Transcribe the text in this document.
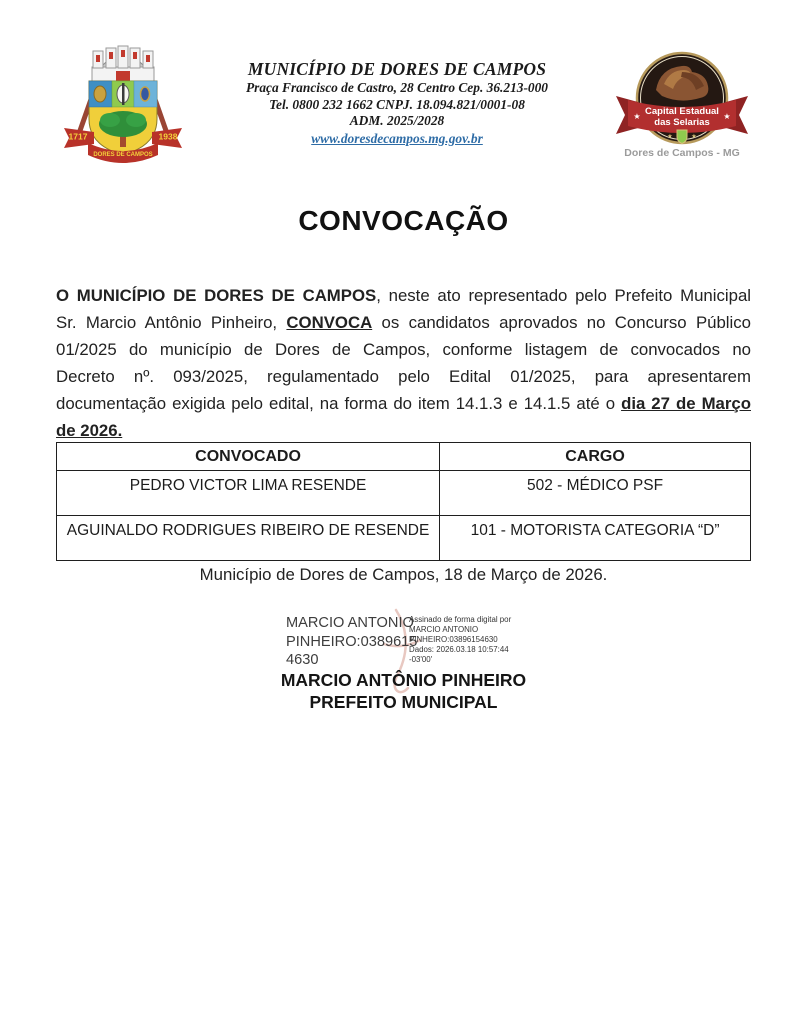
1717	1938
DORES DE CAMPOS
MUNICÍPIO DE DORES DE CAMPOS
Praça Francisco de Castro, 28 Centro Cep. 36.213-000
Tel. 0800 232 1662 CNPJ. 18.094.821/0001-08
ADM. 2025/2028
www.doresdecampos.mg.gov.br
Capital Estadual
das Selarias
★	★
★	★
Dores de Campos - MG
CONVOCAÇÃO
O MUNICÍPIO DE DORES DE CAMPOS, neste ato representado pelo Prefeito Municipal
Sr. Marcio Antônio Pinheiro, CONVOCA os candidatos aprovados no Concurso Público
01/2025 do município de Dores de Campos, conforme listagem de convocados no
Decreto nº. 093/2025, regulamentado pelo Edital 01/2025, para apresentarem
documentação exigida pelo edital, na forma do item 14.1.3 e 14.1.5 até o dia 27 de Março
de 2026.
CONVOCADO	CARGO
PEDRO VICTOR LIMA RESENDE	502 - MÉDICO PSF
AGUINALDO RODRIGUES RIBEIRO DE RESENDE	101 - MOTORISTA CATEGORIA “D”
Município de Dores de Campos, 18 de Março de 2026.
MARCIO ANTONIO
PINHEIRO:0389615
4630
Assinado de forma digital por
MARCIO ANTONIO
PINHEIRO:03896154630
Dados: 2026.03.18 10:57:44
-03'00'
MARCIO ANTÔNIO PINHEIRO
PREFEITO MUNICIPAL
